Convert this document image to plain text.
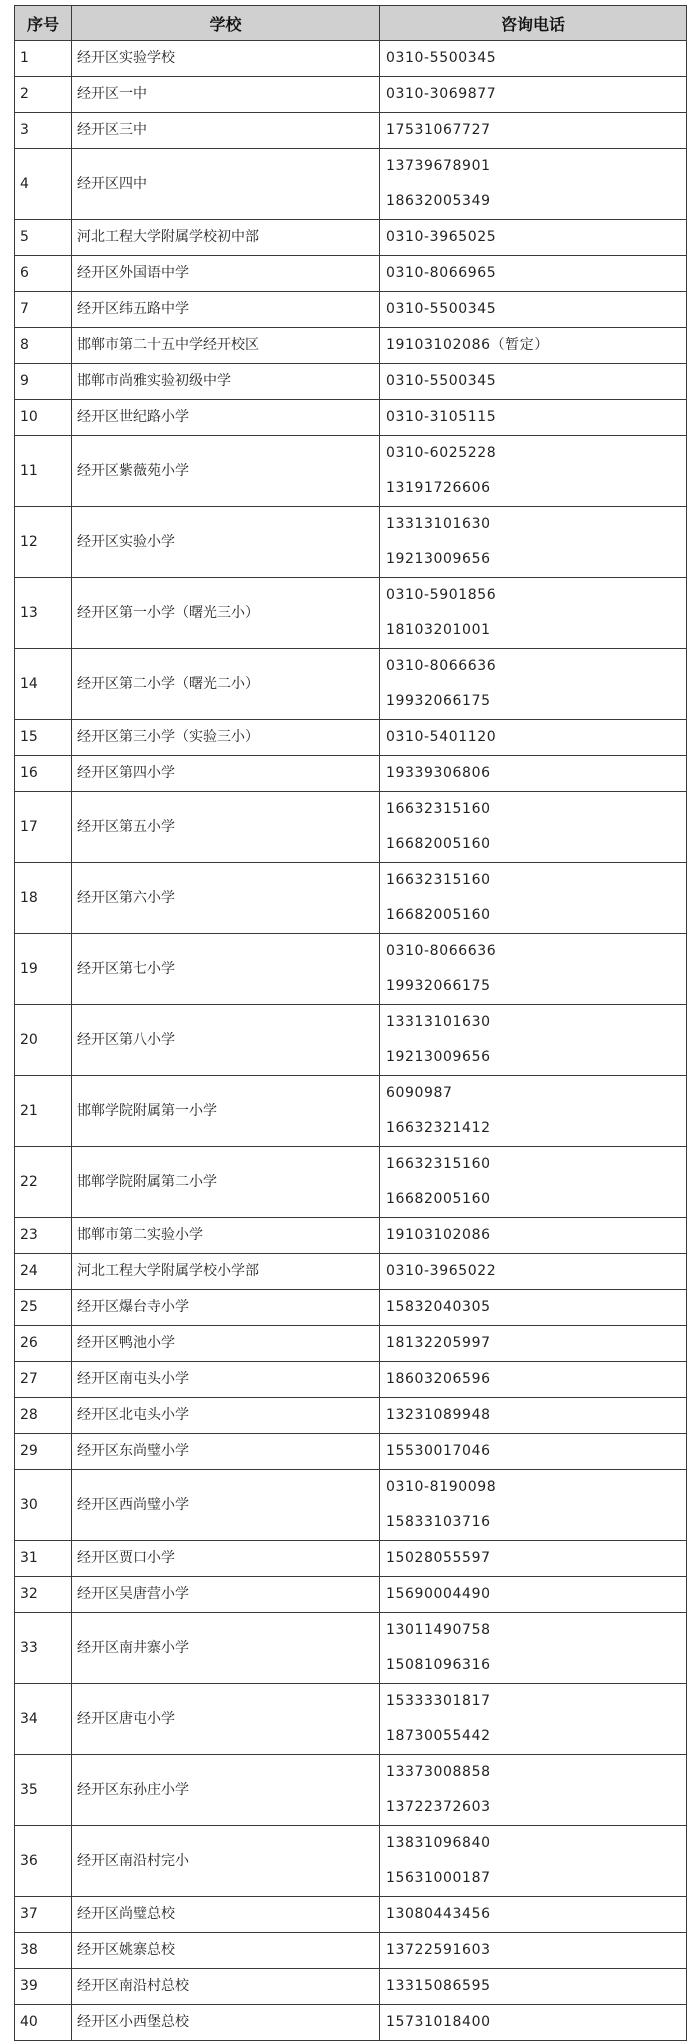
序号	学校	咨询电话
1	经开区实验学校	0310-5500345

2	经开区一中	0310-3069877

3	经开区三中	17531067727

4	经开区四中	13739678901
18632005349

5	河北工程大学附属学校初中部	0310-3965025

6	经开区外国语中学	0310-8066965

7	经开区纬五路中学	0310-5500345

8	邯郸市第二十五中学经开校区	19103102086（暂定）

9	邯郸市尚雅实验初级中学	0310-5500345

10	经开区世纪路小学	0310-3105115

11	经开区紫薇苑小学	0310-6025228
13191726606

12	经开区实验小学	13313101630
19213009656

13	经开区第一小学（曙光三小）	0310-5901856
18103201001

14	经开区第二小学（曙光二小）	0310-8066636
19932066175

15	经开区第三小学（实验三小）	0310-5401120

16	经开区第四小学	19339306806

17	经开区第五小学	16632315160
16682005160

18	经开区第六小学	16632315160
16682005160

19	经开区第七小学	0310-8066636
19932066175

20	经开区第八小学	13313101630
19213009656

21	邯郸学院附属第一小学	6090987
16632321412

22	邯郸学院附属第二小学	16632315160
16682005160

23	邯郸市第二实验小学	19103102086

24	河北工程大学附属学校小学部	0310-3965022

25	经开区爆台寺小学	15832040305

26	经开区鸭池小学	18132205997

27	经开区南屯头小学	18603206596

28	经开区北屯头小学	13231089948

29	经开区东尚璧小学	15530017046

30	经开区西尚璧小学	0310-8190098
15833103716

31	经开区贾口小学	15028055597

32	经开区吴唐营小学	15690004490

33	经开区南井寨小学	13011490758
15081096316

34	经开区唐屯小学	15333301817
18730055442

35	经开区东孙庄小学	13373008858
13722372603

36	经开区南沿村完小	13831096840
15631000187

37	经开区尚璧总校	13080443456

38	经开区姚寨总校	13722591603

39	经开区南沿村总校	13315086595

40	经开区小西堡总校	15731018400
